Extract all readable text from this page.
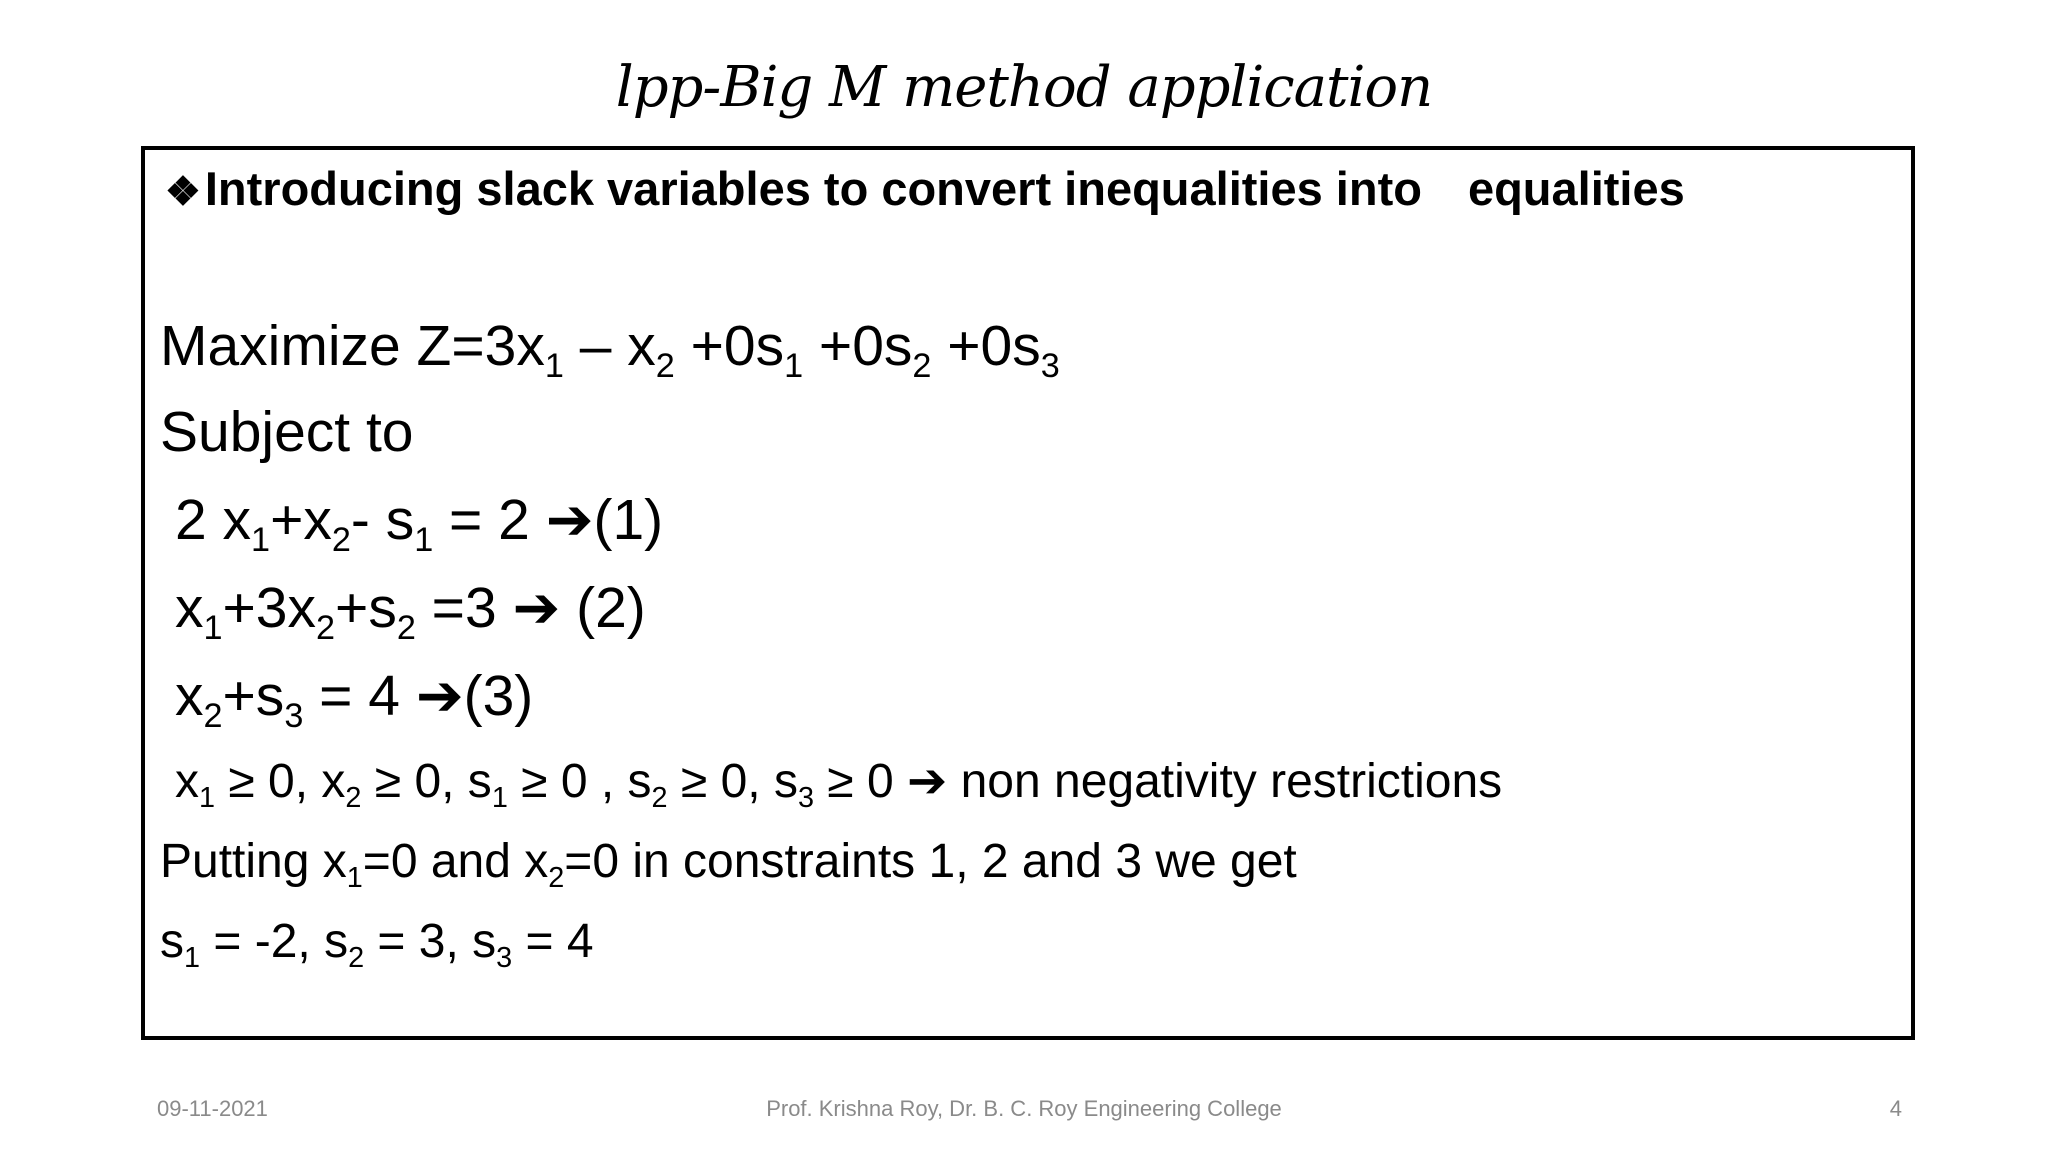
lpp-Big M method application
❖Introducing slack variables to convert inequalities into equalities
Maximize $Z=3x_1 - x_2 +0s_1 +0s_2 +0s_3$
Subject to
2 $x_1+x_2-$ $s_1 = 2$ ➔(1)
$x_1+3x_2+s_2 =3$ ➔ (2)
$x_2+s_3 = 4$ ➔(3)
$x_1 \ge 0$, $x_2 \ge 0$, $s_1 \ge 0$ , $s_2 \ge 0$, $s_3 \ge 0$ ➔ non negativity restrictions
Putting $x_1=0$ and $x_2=0$ in constraints 1, 2 and 3 we get
$s_1 = -2$, $s_2 = 3$, $s_3 = 4$
09-11-2021	Prof. Krishna Roy, Dr. B. C. Roy Engineering College	4
